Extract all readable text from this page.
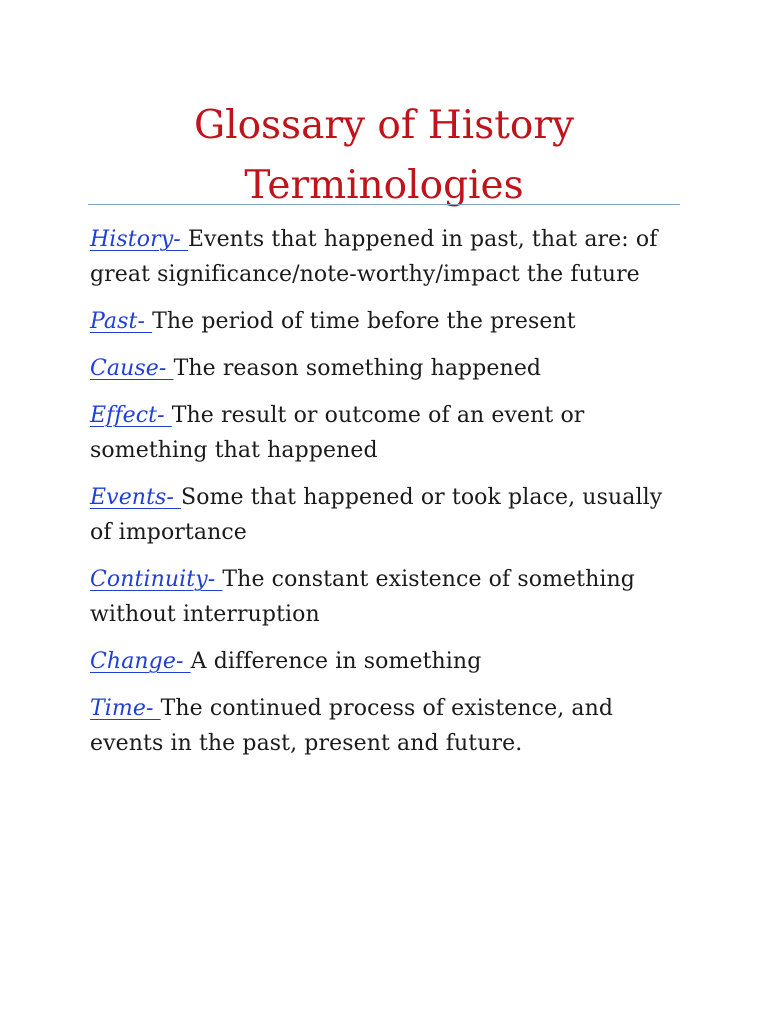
Glossary of History
Terminologies

History- Events that happened in past, that are: of great significance/note-worthy/impact the future

Past- The period of time before the present

Cause- The reason something happened

Effect- The result or outcome of an event or something that happened

Events- Some that happened or took place, usually of importance

Continuity- The constant existence of something without interruption

Change- A difference in something

Time- The continued process of existence, and events in the past, present and future.
